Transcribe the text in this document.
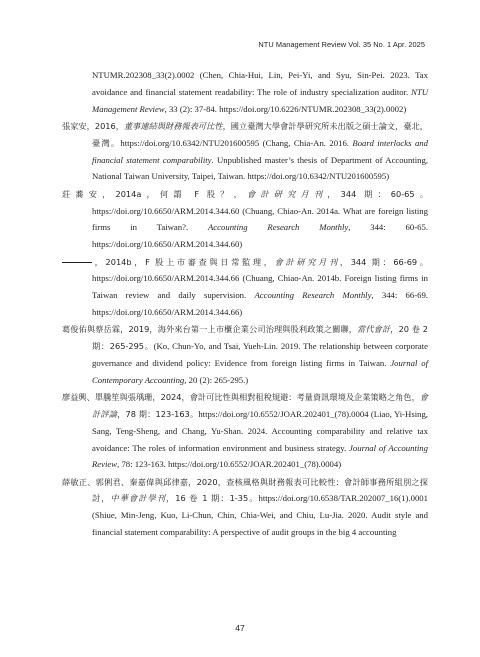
NTU Management Review Vol. 35 No. 1 Apr. 2025

NTUMR.202308_33(2).0002 (Chen, Chia-Hui, Lin, Pei-Yi, and Syu, Sin-Pei. 2023. Tax avoidance and financial statement readability: The role of industry specialization auditor. NTU Management Review, 33 (2): 37-84. https://doi.org/10.6226/NTUMR.202308_33(2).0002)

張家安，2016，董事連結與財務報表可比性，國立臺灣大學會計學研究所未出版之碩士論文，臺北，臺灣。https://doi.org/10.6342/NTU201600595 (Chang, Chia-An. 2016. Board interlocks and financial statement comparability. Unpublished master’s thesis of Department of Accounting, National Taiwan University, Taipei, Taiwan. https://doi.org/10.6342/NTU201600595)

莊蕎安，2014a，何謂 F 股？，會計研究月刊，344 期：60-65。https://doi.org/10.6650/ARM.2014.344.60 (Chuang, Chiao-An. 2014a. What are foreign listing firms in Taiwan?. Accounting Research Monthly, 344: 60-65. https://doi.org/10.6650/ARM.2014.344.60)

，2014b，F 股上市審查與日常監理，會計研究月刊，344 期：66-69。https://doi.org/10.6650/ARM.2014.344.66 (Chuang, Chiao-An. 2014b. Foreign listing firms in Taiwan review and daily supervision. Accounting Research Monthly, 344: 66-69. https://doi.org/10.6650/ARM.2014.344.66)

葛俊佑與蔡岳霖，2019，海外來台第一上市櫃企業公司治理與股利政策之關聯，當代會計，20 卷 2 期：265-295。(Ko, Chun-Yo, and Tsai, Yueh-Lin. 2019. The relationship between corporate governance and dividend policy: Evidence from foreign listing firms in Taiwan. Journal of Contemporary Accounting, 20 (2): 265-295.)

廖益興、單騰笙與張瑀珊，2024，會計可比性與相對租稅規避：考量資訊環境及企業策略之角色，會計評論，78 期：123-163。https://doi.org/10.6552/JOAR.202401_(78).0004 (Liao, Yi-Hsing, Sang, Teng-Sheng, and Chang, Yu-Shan. 2024. Accounting comparability and relative tax avoidance: The roles of information environment and business strategy. Journal of Accounting Review, 78: 123-163. https://doi.org/10.6552/JOAR.202401_(78).0004)

薛敏正、郭俐君、秦嘉偉與邱律嘉，2020，查核風格與財務報表可比較性：會計師事務所組別之探討，中華會計學刊，16 卷 1 期：1-35。https://doi.org/10.6538/TAR.202007_16(1).0001 (Shiue, Min-Jeng, Kuo, Li-Chun, Chin, Chia-Wei, and Chiu, Lu-Jia. 2020. Audit style and financial statement comparability: A perspective of audit groups in the big 4 accounting

47
